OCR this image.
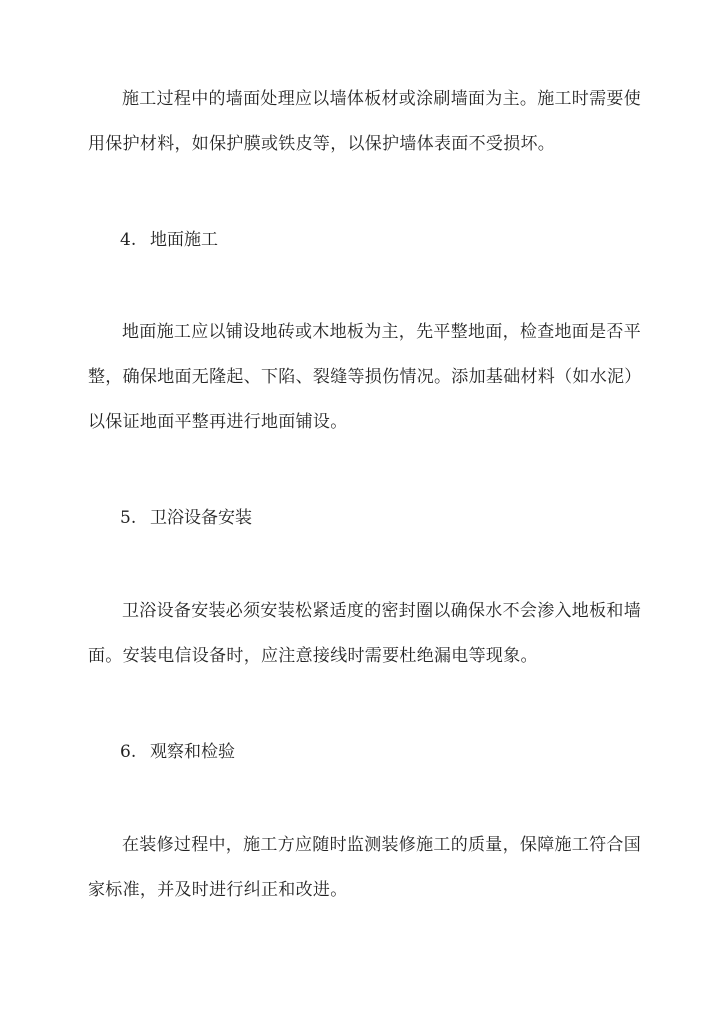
施工过程中的墙面处理应以墙体板材或涂刷墙面为主。施工时需要使
用保护材料，如保护膜或铁皮等，以保护墙体表面不受损坏。
4. 地面施工
地面施工应以铺设地砖或木地板为主，先平整地面，检查地面是否平
整，确保地面无隆起、下陷、裂缝等损伤情况。添加基础材料（如水泥）
以保证地面平整再进行地面铺设。
5. 卫浴设备安装
卫浴设备安装必须安装松紧适度的密封圈以确保水不会渗入地板和墙
面。安装电信设备时，应注意接线时需要杜绝漏电等现象。
6. 观察和检验
在装修过程中，施工方应随时监测装修施工的质量，保障施工符合国
家标准，并及时进行纠正和改进。
